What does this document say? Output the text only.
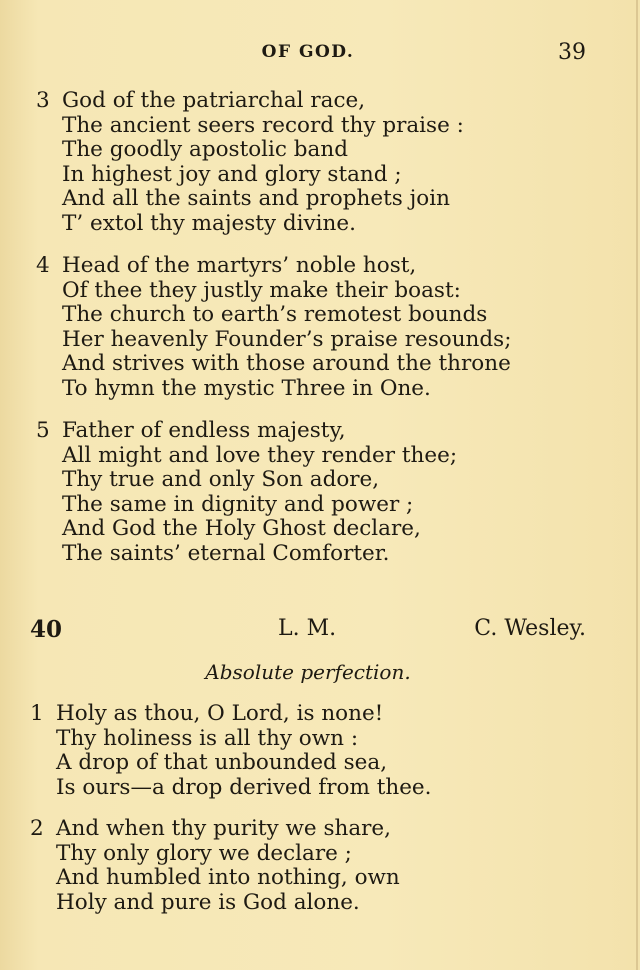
OF GOD.	39
3 God of the patriarchal race,
The ancient seers record thy praise :
The goodly apostolic band
In highest joy and glory stand ;
And all the saints and prophets join
T’ extol thy majesty divine.
4 Head of the martyrs’ noble host,
Of thee they justly make their boast:
The church to earth’s remotest bounds
Her heavenly Founder’s praise resounds;
And strives with those around the throne
To hymn the mystic Three in One.
5 Father of endless majesty,
All might and love they render thee;
Thy true and only Son adore,
The same in dignity and power ;
And God the Holy Ghost declare,
The saints’ eternal Comforter.
40	L. M.	C. Wesley.
Absolute perfection.
1 Holy as thou, O Lord, is none!
Thy holiness is all thy own :
A drop of that unbounded sea,
Is ours—a drop derived from thee.
2 And when thy purity we share,
Thy only glory we declare ;
And humbled into nothing, own
Holy and pure is God alone.
